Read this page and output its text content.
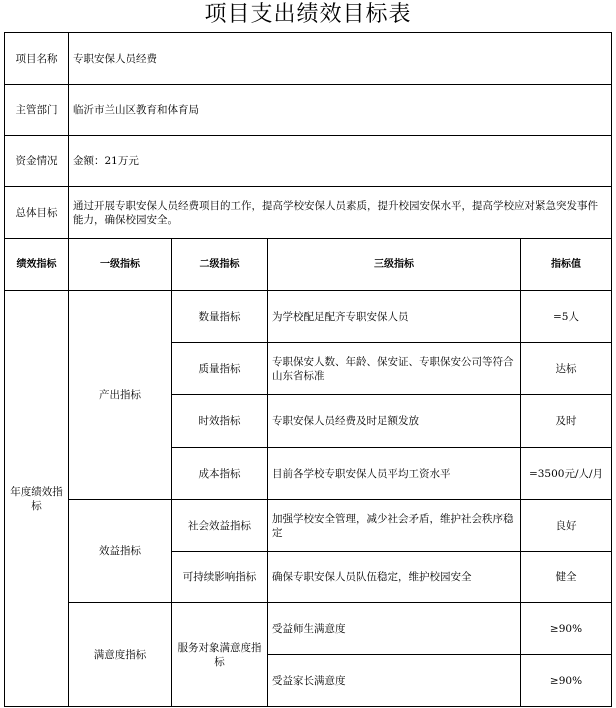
项目支出绩效目标表
项目名称	专职安保人员经费			
主管部门	临沂市兰山区教育和体育局			
资金情况	金额：21万元			
总体目标	通过开展专职安保人员经费项目的工作，提高学校安保人员素质，提升校园安保水平，提高学校应对紧急突发事件能力，确保校园安全。			
绩效指标	一级指标	二级指标	三级指标	指标值
年度绩效指标	产出指标	数量指标	为学校配足配齐专职安保人员	=5人
		质量指标	专职保安人数、年龄、保安证、专职保安公司等符合山东省标准	达标
		时效指标	专职安保人员经费及时足额发放	及时
		成本指标	目前各学校专职安保人员平均工资水平	=3500元/人/月
	效益指标	社会效益指标	加强学校安全管理，减少社会矛盾，维护社会秩序稳定	良好
		可持续影响指标	确保专职安保人员队伍稳定，维护校园安全	健全
	满意度指标	服务对象满意度指标	受益师生满意度	≥90%
			受益家长满意度	≥90%
